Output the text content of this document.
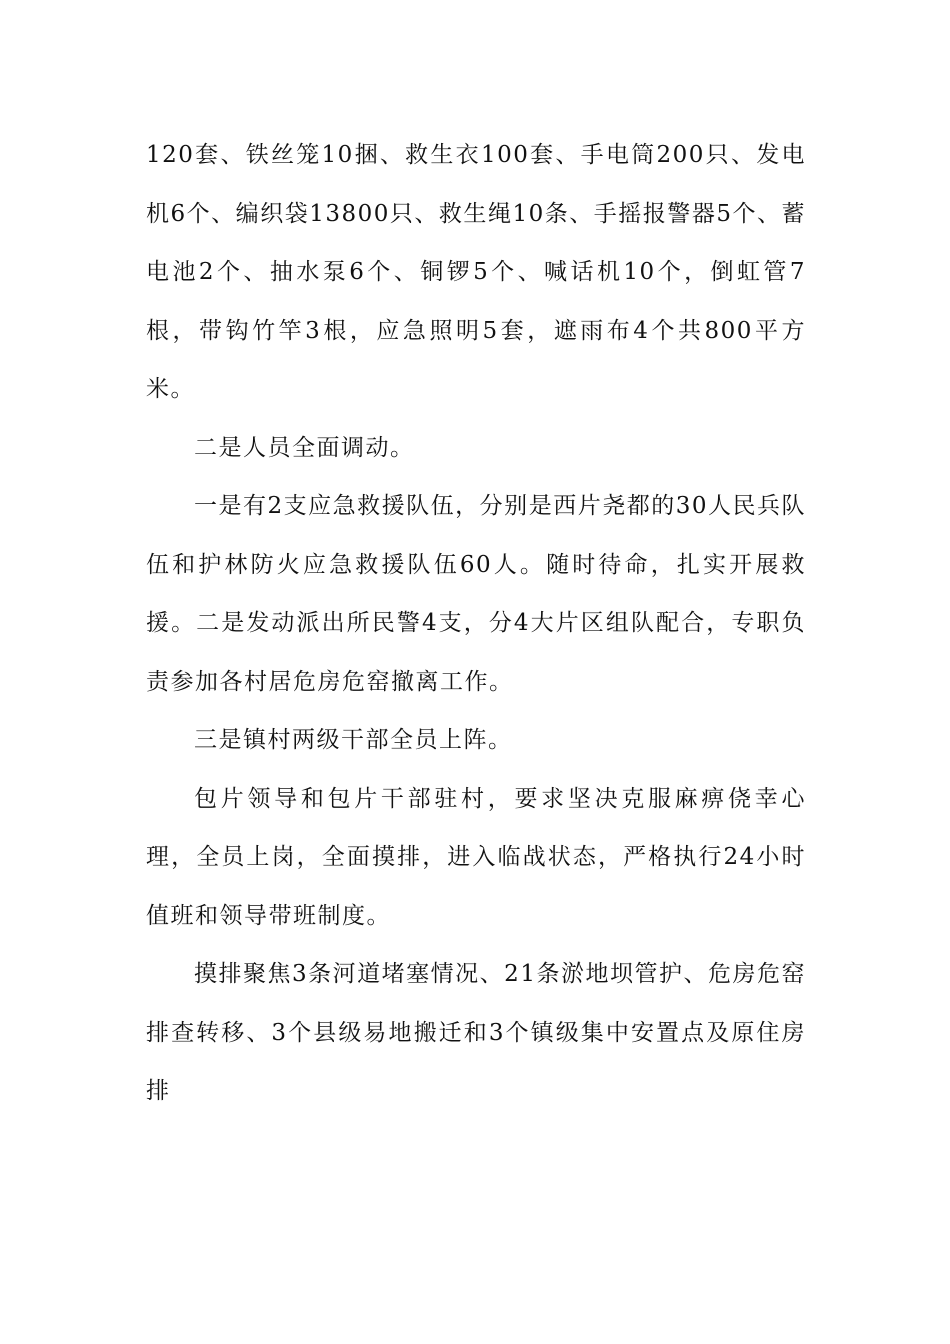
120套、铁丝笼10捆、救生衣100套、手电筒200只、发电机6个、编织袋13800只、救生绳10条、手摇报警器5个、蓄电池2个、抽水泵6个、铜锣5个、喊话机10个，倒虹管7根，带钩竹竿3根，应急照明5套，遮雨布4个共800平方米。

二是人员全面调动。

一是有2支应急救援队伍，分别是西片尧都的30人民兵队伍和护林防火应急救援队伍60人。随时待命，扎实开展救援。二是发动派出所民警4支，分4大片区组队配合，专职负责参加各村居危房危窑撤离工作。

三是镇村两级干部全员上阵。

包片领导和包片干部驻村，要求坚决克服麻痹侥幸心理，全员上岗，全面摸排，进入临战状态，严格执行24小时值班和领导带班制度。

摸排聚焦3条河道堵塞情况、21条淤地坝管护、危房危窑排查转移、3个县级易地搬迁和3个镇级集中安置点及原住房排
